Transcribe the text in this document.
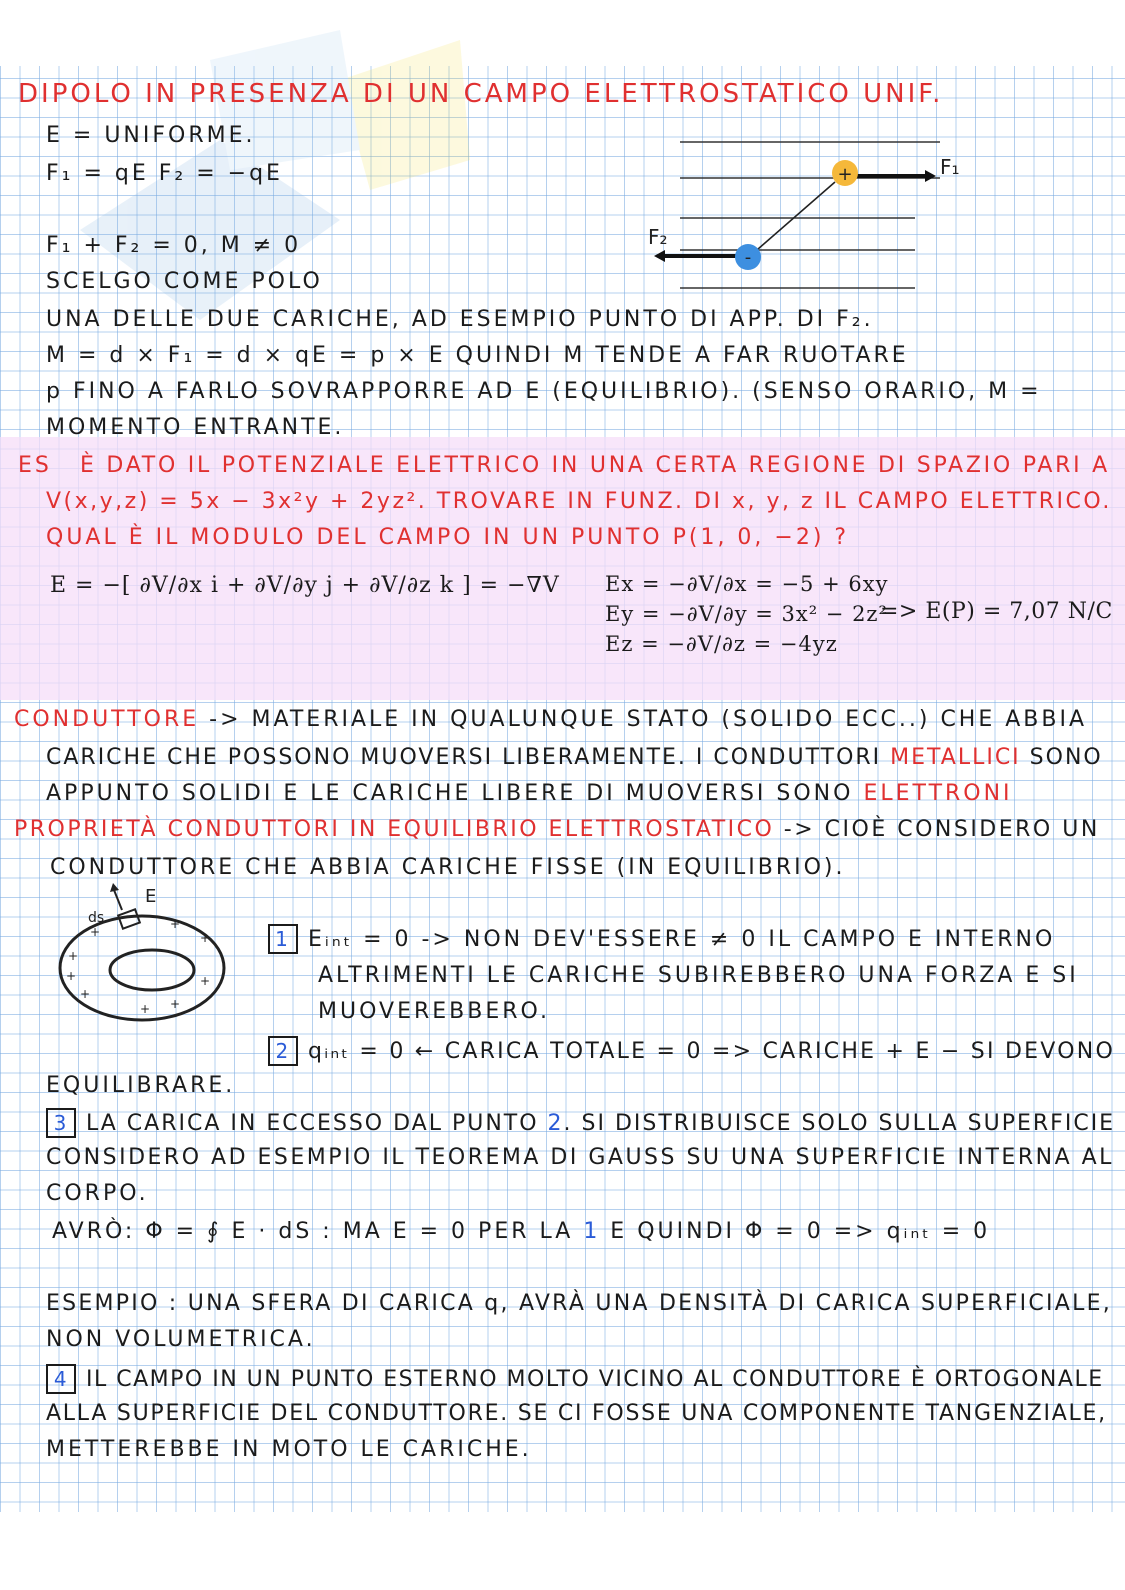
DIPOLO IN PRESENZA DI UN CAMPO ELETTROSTATICO UNIF.
E = UNIFORME.
F₁ = qE F₂ = −qE
F₁ + F₂ = 0, M ≠ 0
SCELGO COME POLO
UNA DELLE DUE CARICHE, AD ESEMPIO PUNTO DI APP. DI F₂.
M = d × F₁ = d × qE = p × E QUINDI M TENDE A FAR RUOTARE
p FINO A FARLO SOVRAPPORRE AD E (EQUILIBRIO). (SENSO ORARIO, M =
MOMENTO ENTRANTE.
+
-
F₁
F₂
ES È DATO IL POTENZIALE ELETTRICO IN UNA CERTA REGIONE DI SPAZIO PARI A
V(x,y,z) = 5x − 3x²y + 2yz². TROVARE IN FUNZ. DI x, y, z IL CAMPO ELETTRICO.
QUAL È IL MODULO DEL CAMPO IN UN PUNTO P(1, 0, −2) ?
E = −[ ∂V/∂x i + ∂V/∂y j + ∂V/∂z k ] = −∇V Ex = −∂V/∂x = −5 + 6xy
Ey = −∂V/∂y = 3x² − 2z²
Ez = −∂V/∂z = −4yz
=> E(P) = 7,07 N/C
CONDUTTORE -> MATERIALE IN QUALUNQUE STATO (SOLIDO ECC..) CHE ABBIA
CARICHE CHE POSSONO MUOVERSI LIBERAMENTE. I CONDUTTORI METALLICI SONO
APPUNTO SOLIDI E LE CARICHE LIBERE DI MUOVERSI SONO ELETTRONI
PROPRIETÀ CONDUTTORI IN EQUILIBRIO ELETTROSTATICO -> CIOÈ CONSIDERO UN
CONDUTTORE CHE ABBIA CARICHE FISSE (IN EQUILIBRIO).
+
+
+
+ +
+
+
+
+
E
ds
1 Eᵢₙₜ = 0 -> NON DEV'ESSERE ≠ 0 IL CAMPO E INTERNO
ALTRIMENTI LE CARICHE SUBIREBBERO UNA FORZA E SI
MUOVEREBBERO.
2 qᵢₙₜ = 0 ← CARICA TOTALE = 0 => CARICHE + E − SI DEVONO
EQUILIBRARE.
3 LA CARICA IN ECCESSO DAL PUNTO 2. SI DISTRIBUISCE SOLO SULLA SUPERFICIE
CONSIDERO AD ESEMPIO IL TEOREMA DI GAUSS SU UNA SUPERFICIE INTERNA AL
CORPO.
AVRÒ: Φ = ∮ E · dS : MA E = 0 PER LA 1 E QUINDI Φ = 0 => qᵢₙₜ = 0
ESEMPIO : UNA SFERA DI CARICA q, AVRÀ UNA DENSITÀ DI CARICA SUPERFICIALE,
NON VOLUMETRICA.
4 IL CAMPO IN UN PUNTO ESTERNO MOLTO VICINO AL CONDUTTORE È ORTOGONALE
ALLA SUPERFICIE DEL CONDUTTORE. SE CI FOSSE UNA COMPONENTE TANGENZIALE,
METTEREBBE IN MOTO LE CARICHE.
